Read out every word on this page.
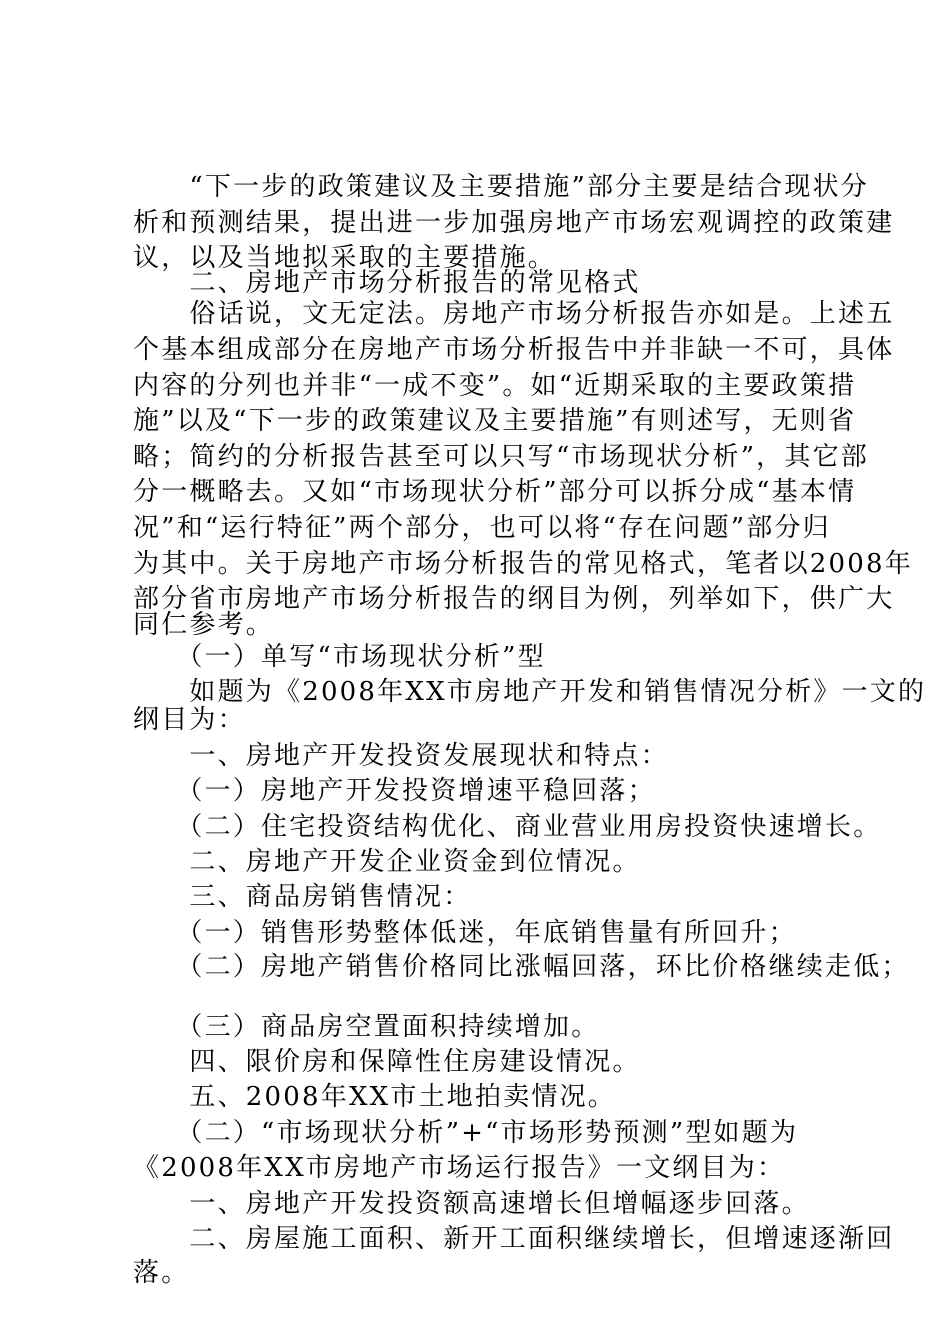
　　“下一步的政策建议及主要措施”部分主要是结合现状分
析和预测结果，提出进一步加强房地产市场宏观调控的政策建
议，以及当地拟采取的主要措施。
　　二、房地产市场分析报告的常见格式
　　俗话说，文无定法。房地产市场分析报告亦如是。上述五
个基本组成部分在房地产市场分析报告中并非缺一不可，具体
内容的分列也并非“一成不变”。如“近期采取的主要政策措
施”以及“下一步的政策建议及主要措施”有则述写，无则省
略；简约的分析报告甚至可以只写“市场现状分析”，其它部
分一概略去。又如“市场现状分析”部分可以拆分成“基本情
况”和“运行特征”两个部分，也可以将“存在问题”部分归
为其中。关于房地产市场分析报告的常见格式，笔者以2008年
部分省市房地产市场分析报告的纲目为例，列举如下，供广大
同仁参考。
　　（一）单写“市场现状分析”型
　　如题为《2008年XX市房地产开发和销售情况分析》一文的
纲目为：
　　一、房地产开发投资发展现状和特点：
　　（一）房地产开发投资增速平稳回落；
　　（二）住宅投资结构优化、商业营业用房投资快速增长。
　　二、房地产开发企业资金到位情况。
　　三、商品房销售情况：
　　（一）销售形势整体低迷，年底销售量有所回升；
　　（二）房地产销售价格同比涨幅回落，环比价格继续走低；
　　（三）商品房空置面积持续增加。
　　四、限价房和保障性住房建设情况。
　　五、2008年XX市土地拍卖情况。
　　（二）“市场现状分析”+“市场形势预测”型如题为
《2008年XX市房地产市场运行报告》一文纲目为：
　　一、房地产开发投资额高速增长但增幅逐步回落。
　　二、房屋施工面积、新开工面积继续增长，但增速逐渐回
落。
